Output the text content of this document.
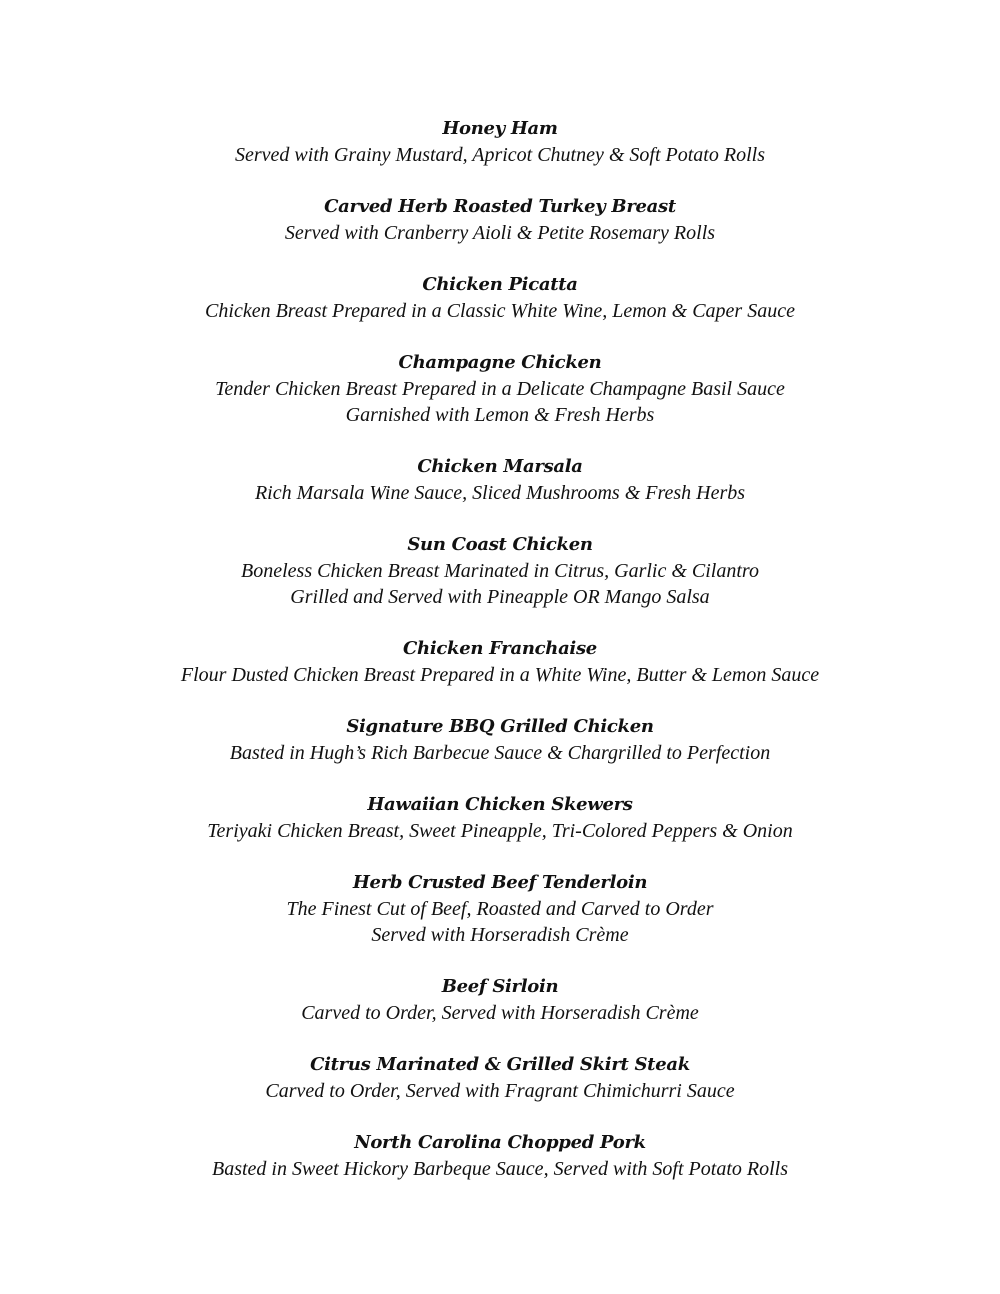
Honey Ham
Served with Grainy Mustard, Apricot Chutney & Soft Potato Rolls
Carved Herb Roasted Turkey Breast
Served with Cranberry Aioli & Petite Rosemary Rolls
Chicken Picatta
Chicken Breast Prepared in a Classic White Wine, Lemon & Caper Sauce
Champagne Chicken
Tender Chicken Breast Prepared in a Delicate Champagne Basil Sauce
Garnished with Lemon & Fresh Herbs
Chicken Marsala
Rich Marsala Wine Sauce, Sliced Mushrooms & Fresh Herbs
Sun Coast Chicken
Boneless Chicken Breast Marinated in Citrus, Garlic & Cilantro
Grilled and Served with Pineapple OR Mango Salsa
Chicken Franchaise
Flour Dusted Chicken Breast Prepared in a White Wine, Butter & Lemon Sauce
Signature BBQ Grilled Chicken
Basted in Hugh’s Rich Barbecue Sauce & Chargrilled to Perfection
Hawaiian Chicken Skewers
Teriyaki Chicken Breast, Sweet Pineapple, Tri-Colored Peppers & Onion
Herb Crusted Beef Tenderloin
The Finest Cut of Beef, Roasted and Carved to Order
Served with Horseradish Crème
Beef Sirloin
Carved to Order, Served with Horseradish Crème
Citrus Marinated & Grilled Skirt Steak
Carved to Order, Served with Fragrant Chimichurri Sauce
North Carolina Chopped Pork
Basted in Sweet Hickory Barbeque Sauce, Served with Soft Potato Rolls
